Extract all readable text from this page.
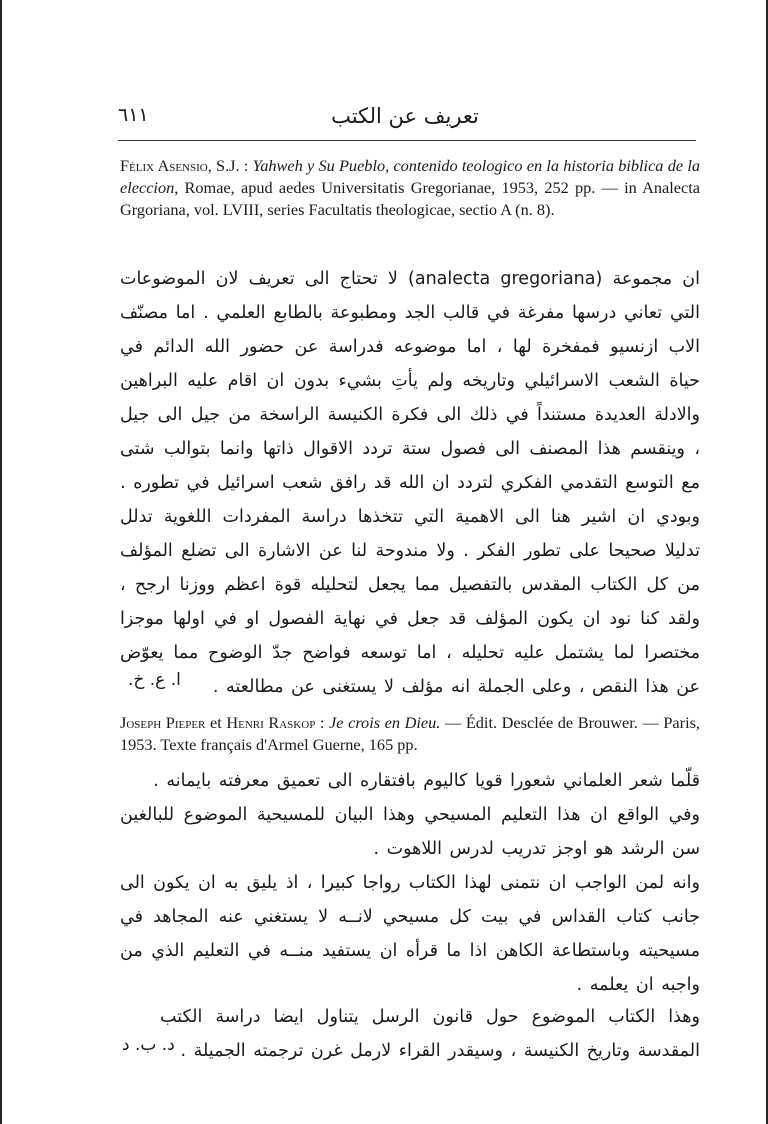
٦١١	تعريف عن الكتب
Félix Asensio, S.J. : Yahweh y Su Pueblo, contenido teologico en la historia biblica de la eleccion, Romae, apud aedes Universitatis Gregorianae, 1953, 252 pp. — in Analecta Grgoriana, vol. LVIII, series Facultatis theologicae, sectio A (n. 8).
ان مجموعة (analecta gregoriana) لا تحتاج الى تعريف لان الموضوعات التي تعاني درسها مفرغة في قالب الجد ومطبوعة بالطابع العلمي . اما مصنّف الاب ازنسيو فمفخرة لها ، اما موضوعه فدراسة عن حضور الله الدائم في حياة الشعب الاسرائيلي وتاريخه ولم يأتِ بشيء بدون ان اقام عليه البراهين والادلة العديدة مستنداً في ذلك الى فكرة الكنيسة الراسخة من جيل الى جيل ، وينقسم هذا المصنف الى فصول ستة تردد الاقوال ذاتها وانما بتوالب شتى مع التوسع التقدمي الفكري لتردد ان الله قد رافق شعب اسرائيل في تطوره .
وبودي ان اشير هنا الى الاهمية التي تتخذها دراسة المفردات اللغوية تدلل تدليلا صحيحا على تطور الفكر . ولا مندوحة لنا عن الاشارة الى تضلع المؤلف من كل الكتاب المقدس بالتفصيل مما يجعل لتحليله قوة اعظم ووزنا ارجح ، ولقد كنا نود ان يكون المؤلف قد جعل في نهاية الفصول او في اولها موجزا مختصرا لما يشتمل عليه تحليله ، اما توسعه فواضح جدّ الوضوح مما يعوّض عن هذا النقص ، وعلى الجملة انه مؤلف لا يستغنى عن مطالعته .
ا. ع. خ.
Joseph Pieper et Henri Raskop : Je crois en Dieu. — Édit. Desclée de Brouwer. — Paris, 1953. Texte français d'Armel Guerne, 165 pp.
قلّما شعر العلماني شعورا قويا كاليوم بافتقاره الى تعميق معرفته بايمانه .
وفي الواقع ان هذا التعليم المسيحي وهذا البيان للمسيحية الموضوع للبالغين سن الرشد هو اوجز تدريب لدرس اللاهوت .
وانه لمن الواجب ان نتمنى لهذا الكتاب رواجا كبيرا ، اذ يليق به ان يكون الى جانب كتاب القداس في بيت كل مسيحي لانــه لا يستغني عنه المجاهد في مسيحيته وباستطاعة الكاهن اذا ما قرأه ان يستفيد منــه في التعليم الذي من واجبه ان يعلمه .
وهذا الكتاب الموضوع حول قانون الرسل يتناول ايضا دراسة الكتب المقدسة وتاريخ الكنيسة ، وسيقدر القراء لارمل غرن ترجمته الجميلة .
د. ب. د
